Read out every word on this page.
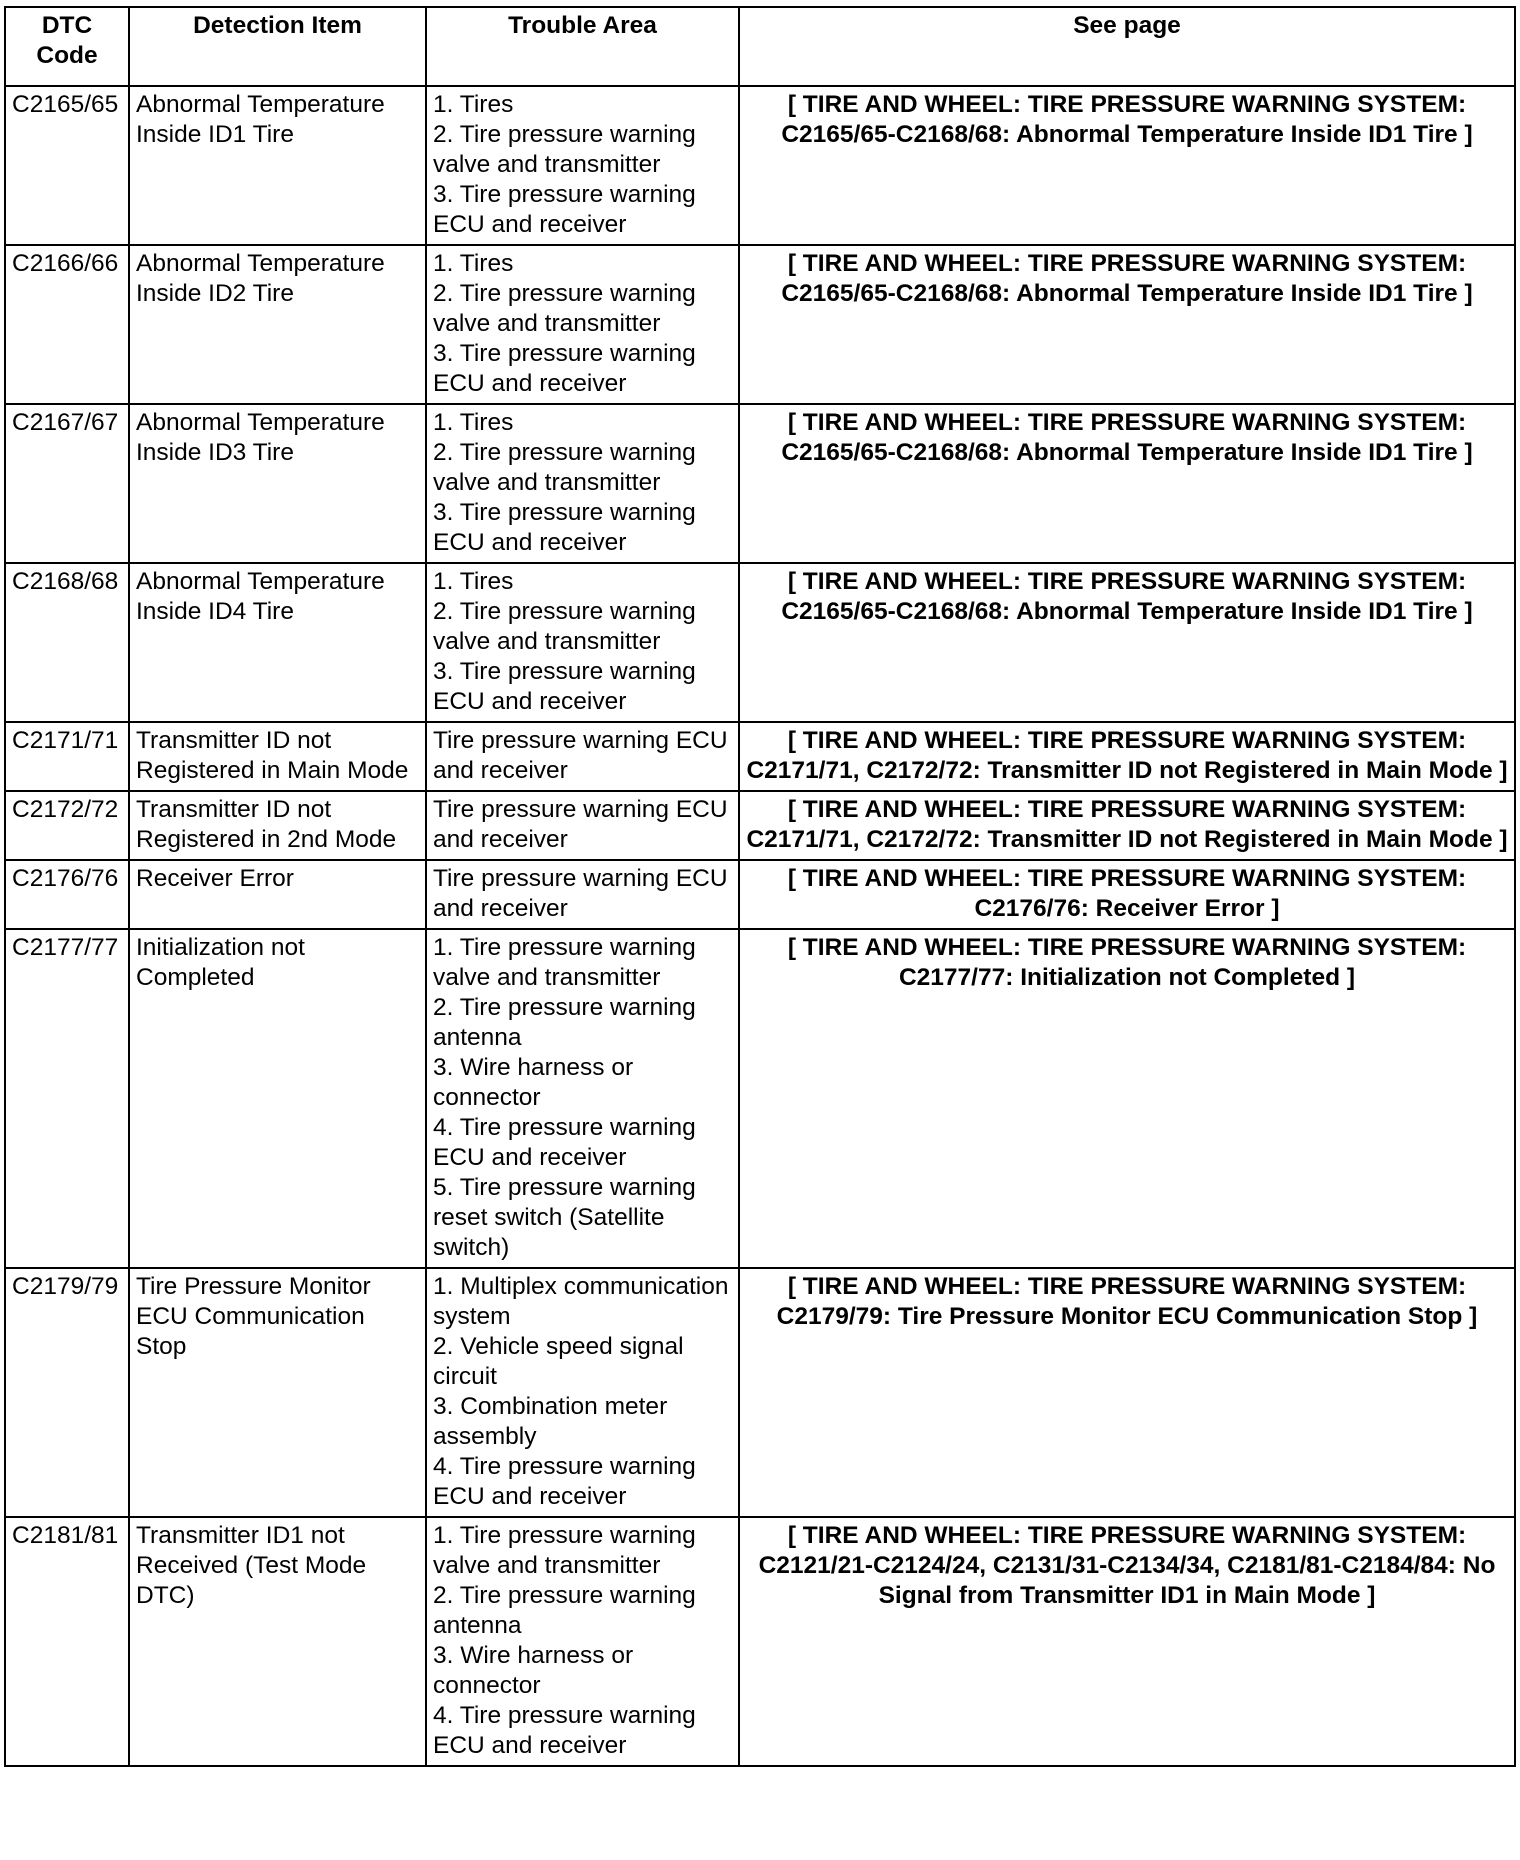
DTC Code	Detection Item	Trouble Area	See page
C2165/65	Abnormal Temperature Inside ID1 Tire	1. Tires
2. Tire pressure warning valve and transmitter
3. Tire pressure warning ECU and receiver	[ TIRE AND WHEEL: TIRE PRESSURE WARNING SYSTEM: C2165/65-C2168/68: Abnormal Temperature Inside ID1 Tire ]
C2166/66	Abnormal Temperature Inside ID2 Tire	1. Tires
2. Tire pressure warning valve and transmitter
3. Tire pressure warning ECU and receiver	[ TIRE AND WHEEL: TIRE PRESSURE WARNING SYSTEM: C2165/65-C2168/68: Abnormal Temperature Inside ID1 Tire ]
C2167/67	Abnormal Temperature Inside ID3 Tire	1. Tires
2. Tire pressure warning valve and transmitter
3. Tire pressure warning ECU and receiver	[ TIRE AND WHEEL: TIRE PRESSURE WARNING SYSTEM: C2165/65-C2168/68: Abnormal Temperature Inside ID1 Tire ]
C2168/68	Abnormal Temperature Inside ID4 Tire	1. Tires
2. Tire pressure warning valve and transmitter
3. Tire pressure warning ECU and receiver	[ TIRE AND WHEEL: TIRE PRESSURE WARNING SYSTEM: C2165/65-C2168/68: Abnormal Temperature Inside ID1 Tire ]
C2171/71	Transmitter ID not Registered in Main Mode	Tire pressure warning ECU and receiver	[ TIRE AND WHEEL: TIRE PRESSURE WARNING SYSTEM: C2171/71, C2172/72: Transmitter ID not Registered in Main Mode ]
C2172/72	Transmitter ID not Registered in 2nd Mode	Tire pressure warning ECU and receiver	[ TIRE AND WHEEL: TIRE PRESSURE WARNING SYSTEM: C2171/71, C2172/72: Transmitter ID not Registered in Main Mode ]
C2176/76	Receiver Error	Tire pressure warning ECU and receiver	[ TIRE AND WHEEL: TIRE PRESSURE WARNING SYSTEM: C2176/76: Receiver Error ]
C2177/77	Initialization not Completed	1. Tire pressure warning valve and transmitter
2. Tire pressure warning antenna
3. Wire harness or connector
4. Tire pressure warning ECU and receiver
5. Tire pressure warning reset switch (Satellite switch)	[ TIRE AND WHEEL: TIRE PRESSURE WARNING SYSTEM: C2177/77: Initialization not Completed ]
C2179/79	Tire Pressure Monitor ECU Communication Stop	1. Multiplex communication system
2. Vehicle speed signal circuit
3. Combination meter assembly
4. Tire pressure warning ECU and receiver	[ TIRE AND WHEEL: TIRE PRESSURE WARNING SYSTEM: C2179/79: Tire Pressure Monitor ECU Communication Stop ]
C2181/81	Transmitter ID1 not Received (Test Mode DTC)	1. Tire pressure warning valve and transmitter
2. Tire pressure warning antenna
3. Wire harness or connector
4. Tire pressure warning ECU and receiver	[ TIRE AND WHEEL: TIRE PRESSURE WARNING SYSTEM: C2121/21-C2124/24, C2131/31-C2134/34, C2181/81-C2184/84: No Signal from Transmitter ID1 in Main Mode ]
